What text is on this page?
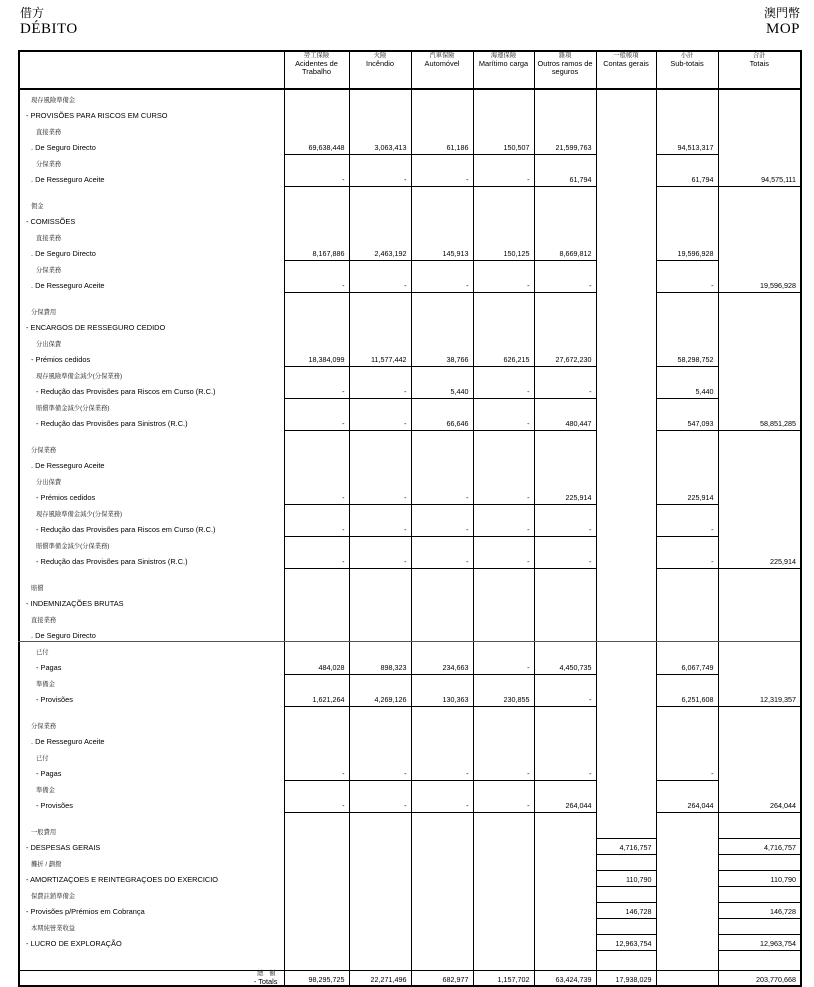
借方
DÉBITO
澳門幣
MOP

	勞工保險
Acidentes de Trabalho	火險
Incêndio	汽車保險
Automóvel	海運保險
Marítimo carga	雜項
Outros ramos de seguros	一般帳項
Contas gerais	小計
Sub-totais	合計
Totais

現存風險準備金								
- PROVISÕES PARA RISCOS EM CURSO								
直接業務								
. De Seguro Directo	69,638,448	3,063,413	61,186	150,507	21,599,763		94,513,317	
分保業務								
. De Resseguro Aceite	-	-	-	-	61,794		61,794	94,575,111

佣金								
- COMISSÕES								
直接業務								
. De Seguro Directo	8,167,886	2,463,192	145,913	150,125	8,669,812		19,596,928	
分保業務								
. De Resseguro Aceite	-	-	-	-	-		-	19,596,928

分保費用								
- ENCARGOS DE RESSEGURO CEDIDO								
分出保費								
- Prémios cedidos	18,384,099	11,577,442	38,766	626,215	27,672,230		58,298,752	
現存風險準備金減少(分保業務)								
- Redução das Provisões para Riscos em Curso (R.C.)	-	-	5,440	-	-		5,440	
賠償準備金減少(分保業務)								
- Redução das Provisões para Sinistros (R.C.)	-	-	66,646	-	480,447		547,093	58,851,285

分保業務								
. De Resseguro Aceite								
分出保費								
- Prémios cedidos	-	-	-	-	225,914		225,914	
現存風險準備金減少(分保業務)								
- Redução das Provisões para Riscos em Curso (R.C.)	-	-	-	-	-		-	
賠償準備金減少(分保業務)								
- Redução das Provisões para Sinistros (R.C.)	-	-	-	-	-		-	225,914

賠償								
- INDEMNIZAÇÕES BRUTAS								
直接業務								
. De Seguro Directo								
已付								
- Pagas	484,028	898,323	234,663	-	4,450,735		6,067,749	
準備金								
- Provisões	1,621,264	4,269,126	130,363	230,855	-		6,251,608	12,319,357

分保業務								
. De Resseguro Aceite								
已付								
- Pagas	-	-	-	-	-		-	
準備金								
- Provisões	-	-	-	-	264,044		264,044	264,044

一般費用								
- DESPESAS GERAIS						4,716,757		4,716,757
攤折 / 劃撥								
- AMORTIZAÇOES E REINTEGRAÇOES DO EXERCICIO						110,790		110,790
保費註銷準備金								
- Provisões p/Prémios em Cobrança						146,728		146,728
本期純營業收益								
- LUCRO DE EXPLORAÇÃO						12,963,754		12,963,754

總 額
- Totals	98,295,725	22,271,496	682,977	1,157,702	63,424,739	17,938,029		203,770,668
